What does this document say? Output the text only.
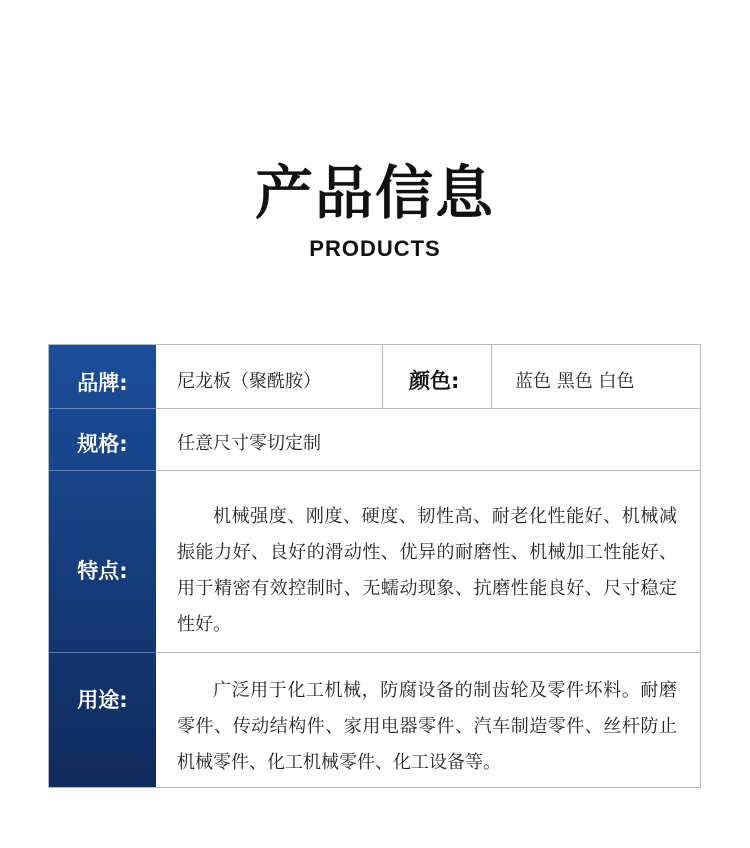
产品信息
PRODUCTS
品牌:
规格:
特点:
用途:
尼龙板（聚酰胺）	颜色:	蓝色 黑色 白色
任意尺寸零切定制

机械强度、刚度、硬度、韧性高、耐老化性能好、机械减振能力好、良好的滑动性、优异的耐磨性、机械加工性能好、用于精密有效控制时、无蠕动现象、抗磨性能良好、尺寸稳定性好。

广泛用于化工机械，防腐设备的制齿轮及零件坏料。耐磨零件、传动结构件、家用电器零件、汽车制造零件、丝杆防止机械零件、化工机械零件、化工设备等。
